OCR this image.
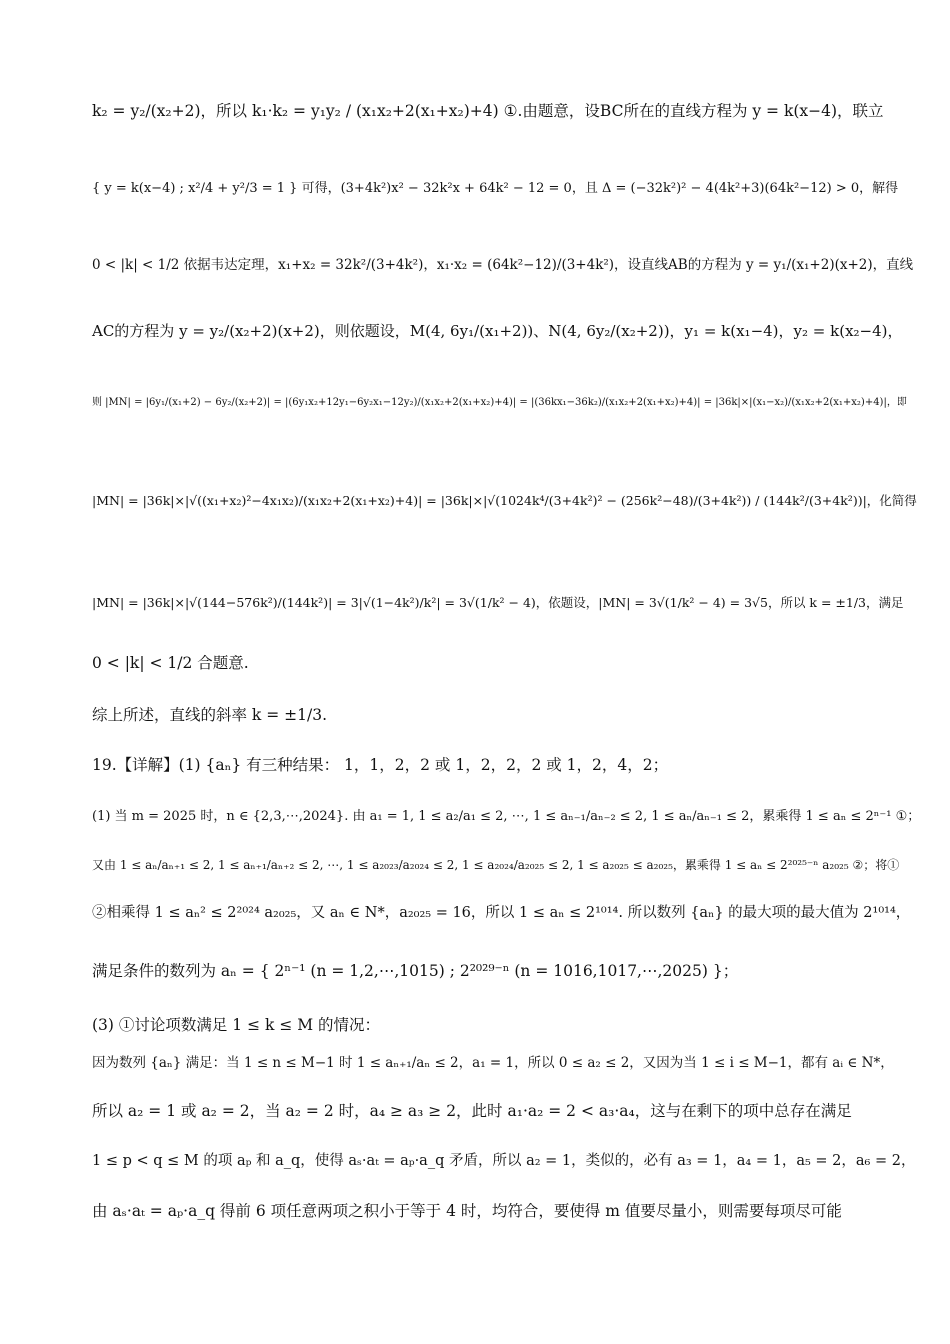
k₂ = y₂/(x₂+2)，所以 k₁·k₂ = y₁y₂ / (x₁x₂+2(x₁+x₂)+4) ①.由题意，设BC所在的直线方程为 y = k(x−4)，联立
{ y = k(x−4) ; x²/4 + y²/3 = 1 } 可得，(3+4k²)x² − 32k²x + 64k² − 12 = 0，且 Δ = (−32k²)² − 4(4k²+3)(64k²−12) > 0，解得
0 < |k| < 1/2 依据韦达定理，x₁+x₂ = 32k²/(3+4k²)，x₁·x₂ = (64k²−12)/(3+4k²)，设直线AB的方程为 y = y₁/(x₁+2)(x+2)，直线
AC的方程为 y = y₂/(x₂+2)(x+2)，则依题设，M(4, 6y₁/(x₁+2))、N(4, 6y₂/(x₂+2))，y₁ = k(x₁−4)，y₂ = k(x₂−4)，
则 |MN| = |6y₁/(x₁+2) − 6y₂/(x₂+2)| = |(6y₁x₂+12y₁−6y₂x₁−12y₂)/(x₁x₂+2(x₁+x₂)+4)| = |(36kx₁−36k₂)/(x₁x₂+2(x₁+x₂)+4)| = |36k|×|(x₁−x₂)/(x₁x₂+2(x₁+x₂)+4)|，即
|MN| = |36k|×|√((x₁+x₂)²−4x₁x₂)/(x₁x₂+2(x₁+x₂)+4)| = |36k|×|√(1024k⁴/(3+4k²)² − (256k²−48)/(3+4k²)) / (144k²/(3+4k²))|，化简得
|MN| = |36k|×|√(144−576k²)/(144k²)| = 3|√(1−4k²)/k²| = 3√(1/k² − 4)，依题设，|MN| = 3√(1/k² − 4) = 3√5，所以 k = ±1/3，满足
0 < |k| < 1/2 合题意.
综上所述，直线的斜率 k = ±1/3.
19.【详解】(1) {aₙ} 有三种结果： 1，1，2，2 或 1，2，2，2 或 1，2，4，2；
(1) 当 m = 2025 时，n ∈ {2,3,⋯,2024}. 由 a₁ = 1, 1 ≤ a₂/a₁ ≤ 2, ⋯, 1 ≤ aₙ₋₁/aₙ₋₂ ≤ 2, 1 ≤ aₙ/aₙ₋₁ ≤ 2，累乘得 1 ≤ aₙ ≤ 2ⁿ⁻¹ ①；
又由 1 ≤ aₙ/aₙ₊₁ ≤ 2, 1 ≤ aₙ₊₁/aₙ₊₂ ≤ 2, ⋯, 1 ≤ a₂₀₂₃/a₂₀₂₄ ≤ 2, 1 ≤ a₂₀₂₄/a₂₀₂₅ ≤ 2, 1 ≤ a₂₀₂₅ ≤ a₂₀₂₅，累乘得 1 ≤ aₙ ≤ 2²⁰²⁵⁻ⁿ a₂₀₂₅ ②；将①
②相乘得 1 ≤ aₙ² ≤ 2²⁰²⁴ a₂₀₂₅，又 aₙ ∈ N*，a₂₀₂₅ = 16，所以 1 ≤ aₙ ≤ 2¹⁰¹⁴. 所以数列 {aₙ} 的最大项的最大值为 2¹⁰¹⁴，
满足条件的数列为 aₙ = { 2ⁿ⁻¹ (n = 1,2,⋯,1015) ; 2²⁰²⁹⁻ⁿ (n = 1016,1017,⋯,2025) }；
(3) ①讨论项数满足 1 ≤ k ≤ M 的情况：
因为数列 {aₙ} 满足：当 1 ≤ n ≤ M−1 时 1 ≤ aₙ₊₁/aₙ ≤ 2，a₁ = 1，所以 0 ≤ a₂ ≤ 2，又因为当 1 ≤ i ≤ M−1，都有 aᵢ ∈ N*，
所以 a₂ = 1 或 a₂ = 2，当 a₂ = 2 时，a₄ ≥ a₃ ≥ 2，此时 a₁·a₂ = 2 < a₃·a₄，这与在剩下的项中总存在满足
1 ≤ p < q ≤ M 的项 aₚ 和 a_q，使得 aₛ·aₜ = aₚ·a_q 矛盾，所以 a₂ = 1，类似的，必有 a₃ = 1，a₄ = 1，a₅ = 2，a₆ = 2，
由 aₛ·aₜ = aₚ·a_q 得前 6 项任意两项之积小于等于 4 时，均符合，要使得 m 值要尽量小，则需要每项尽可能
